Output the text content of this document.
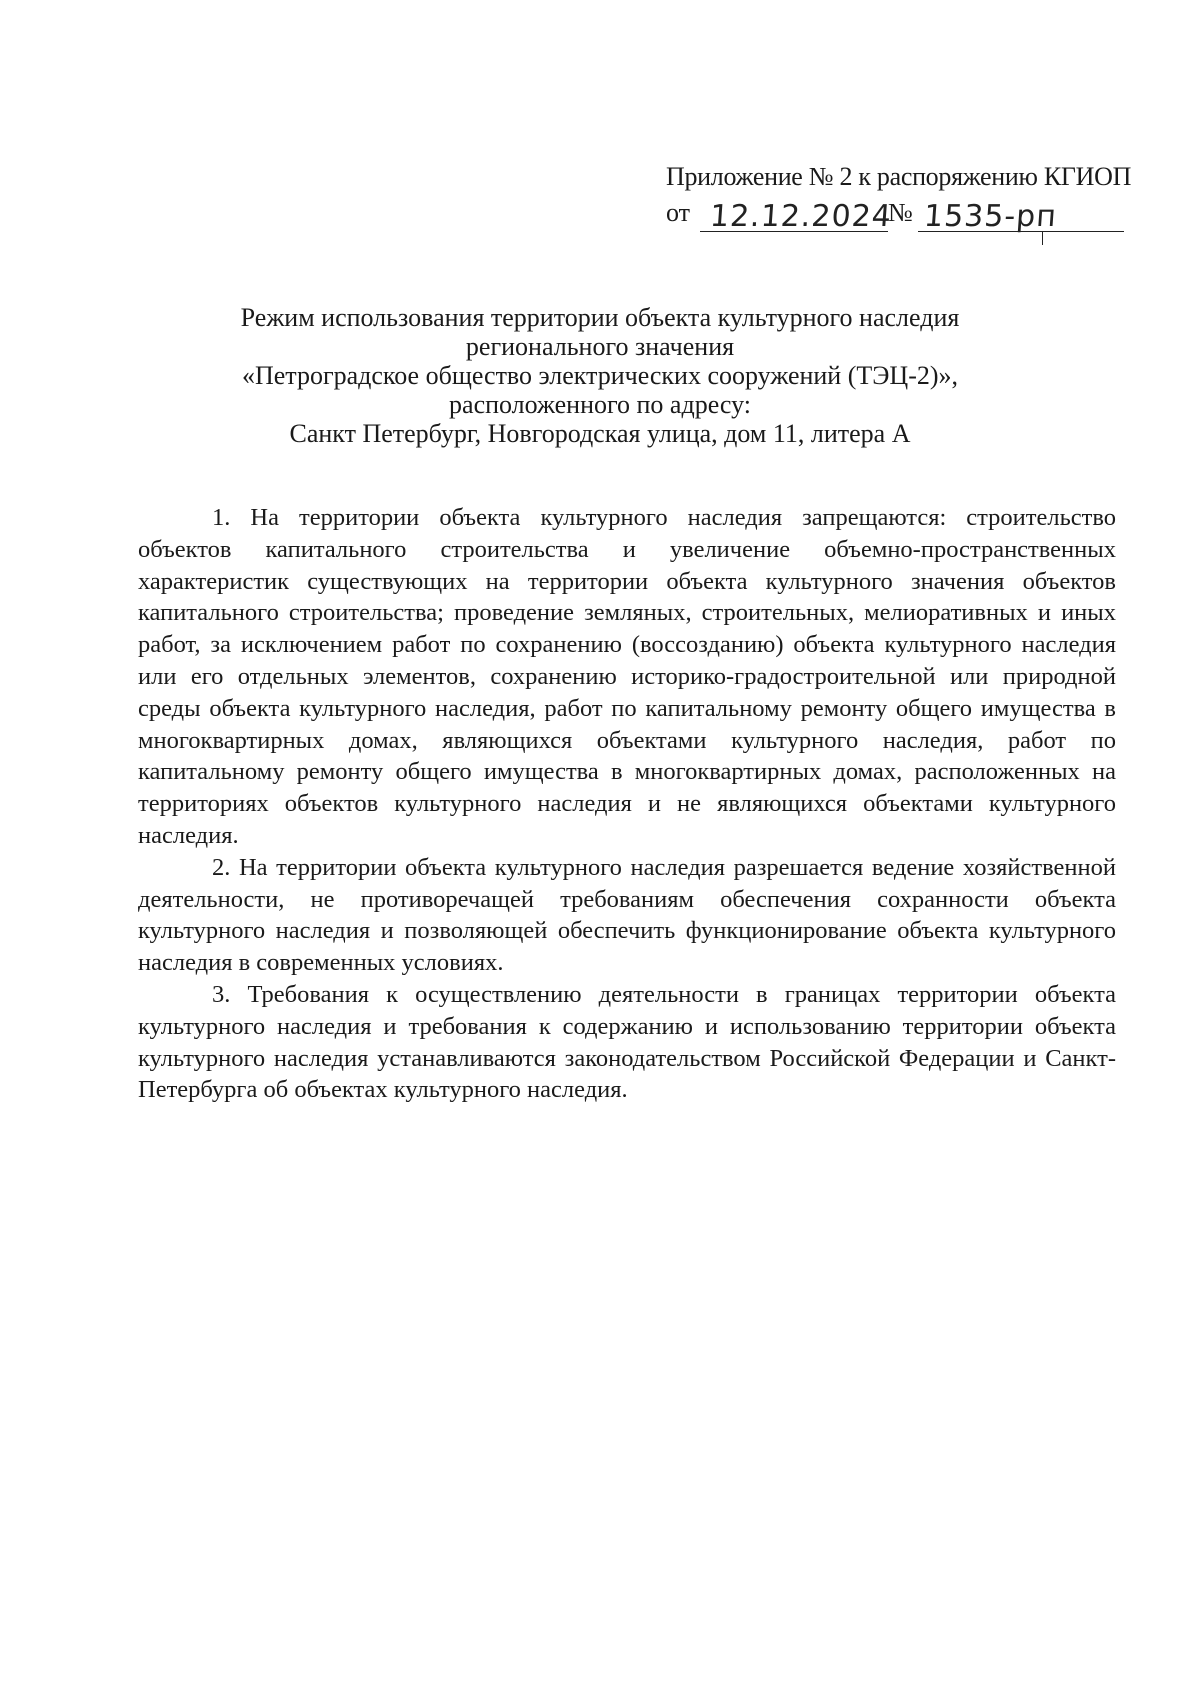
Приложение № 2 к распоряжению КГИОП
от 12.12.2024
№ 1535-рп
Режим использования территории объекта культурного наследия
регионального значения
«Петроградское общество электрических сооружений (ТЭЦ-2)»,
расположенного по адресу:
Санкт Петербург, Новгородская улица, дом 11, литера А

1. На территории объекта культурного наследия запрещаются: строительство объектов капитального строительства и увеличение объемно-пространственных характеристик существующих на территории объекта культурного значения объектов капитального строительства; проведение земляных, строительных, мелиоративных и иных работ, за исключением работ по сохранению (воссозданию) объекта культурного наследия или его отдельных элементов, сохранению историко-градостроительной или природной среды объекта культурного наследия, работ по капитальному ремонту общего имущества в многоквартирных домах, являющихся объектами культурного наследия, работ по капитальному ремонту общего имущества в многоквартирных домах, расположенных на территориях объектов культурного наследия и не являющихся объектами культурного наследия.

2. На территории объекта культурного наследия разрешается ведение хозяйственной деятельности, не противоречащей требованиям обеспечения сохранности объекта культурного наследия и позволяющей обеспечить функционирование объекта культурного наследия в современных условиях.

3. Требования к осуществлению деятельности в границах территории объекта культурного наследия и требования к содержанию и использованию территории объекта культурного наследия устанавливаются законодательством Российской Федерации и Санкт-Петербурга об объектах культурного наследия.
